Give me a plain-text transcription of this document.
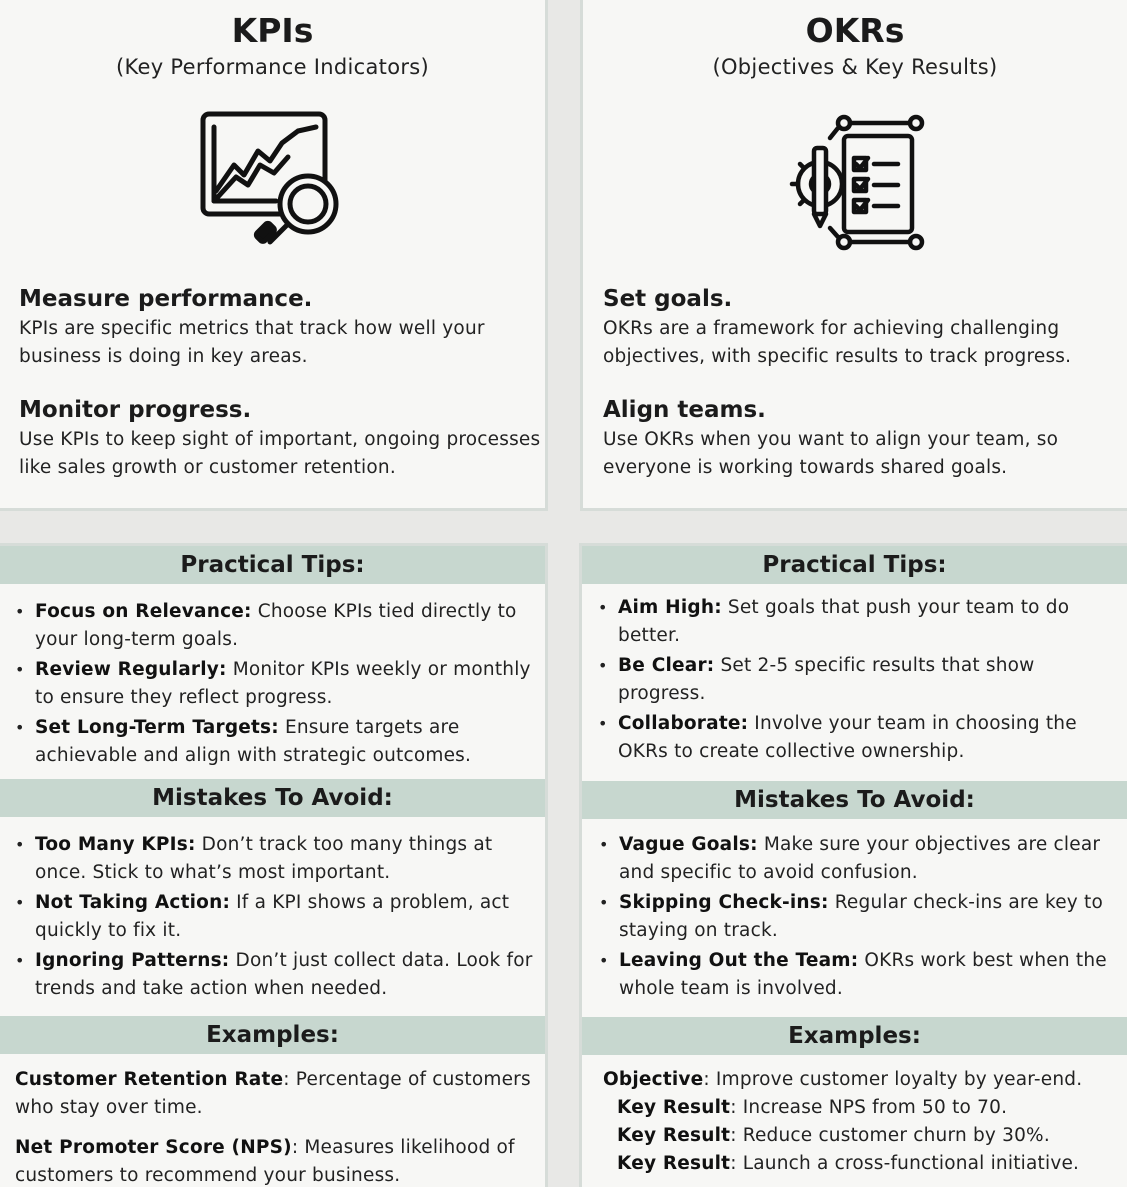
KPIs
(Key Performance Indicators)
Measure performance.
KPIs are specific metrics that track how well your business is doing in key areas.
Monitor progress.
Use KPIs to keep sight of important, ongoing processes like sales growth or customer retention.
OKRs
(Objectives & Key Results)
Set goals.
OKRs are a framework for achieving challenging objectives, with specific results to track progress.
Align teams.
Use OKRs when you want to align your team, so everyone is working towards shared goals.
Practical Tips:
• Focus on Relevance: Choose KPIs tied directly to your long-term goals.
• Review Regularly: Monitor KPIs weekly or monthly to ensure they reflect progress.
• Set Long-Term Targets: Ensure targets are achievable and align with strategic outcomes.
Mistakes To Avoid:
• Too Many KPIs: Don’t track too many things at once. Stick to what’s most important.
• Not Taking Action: If a KPI shows a problem, act quickly to fix it.
• Ignoring Patterns: Don’t just collect data. Look for trends and take action when needed.
Examples:

Customer Retention Rate: Percentage of customers who stay over time.

Net Promoter Score (NPS): Measures likelihood of customers to recommend your business.

Practical Tips:
• Aim High: Set goals that push your team to do better.
• Be Clear: Set 2-5 specific results that show progress.
• Collaborate: Involve your team in choosing the OKRs to create collective ownership.
Mistakes To Avoid:
• Vague Goals: Make sure your objectives are clear and specific to avoid confusion.
• Skipping Check-ins: Regular check-ins are key to staying on track.
• Leaving Out the Team: OKRs work best when the whole team is involved.
Examples:

Objective: Improve customer loyalty by year-end.

Key Result: Increase NPS from 50 to 70.

Key Result: Reduce customer churn by 30%.

Key Result: Launch a cross-functional initiative.
